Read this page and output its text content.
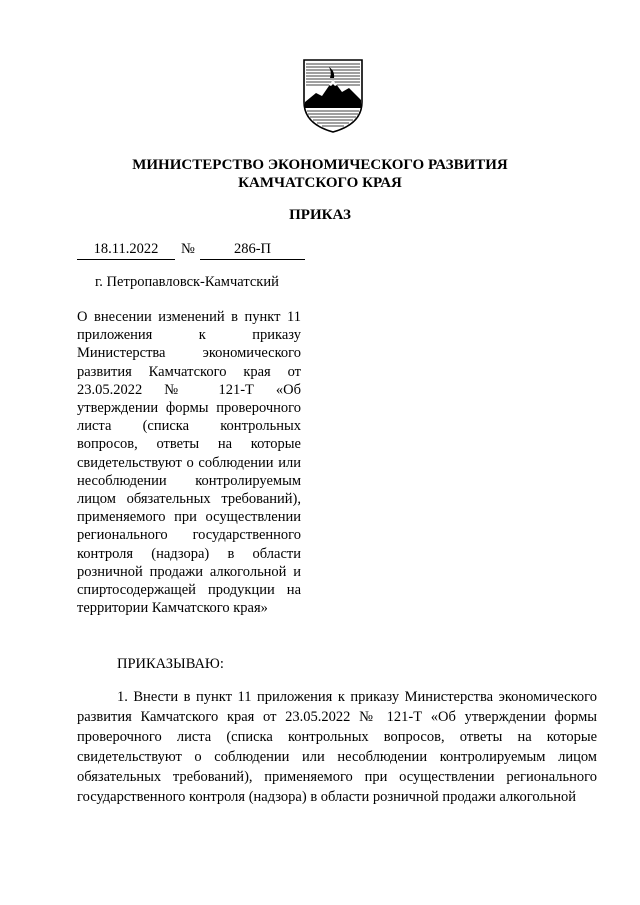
МИНИСТЕРСТВО ЭКОНОМИЧЕСКОГО РАЗВИТИЯ
КАМЧАТСКОГО КРАЯ
ПРИКАЗ
18.11.2022	№	286-П

г. Петропавловск-Камчатский

О внесении изменений в пункт 11 приложения к приказу Министерства экономического развития Камчатского края от 23.05.2022 № 121-Т «Об утверждении формы проверочного листа (списка контрольных вопросов, ответы на которые свидетельствуют о соблюдении или несоблюдении контролируемым лицом обязательных требований), применяемого при осуществлении регионального государственного контроля (надзора) в области розничной продажи алкогольной и спиртосодержащей продукции на территории Камчатского края»

ПРИКАЗЫВАЮ:

1. Внести в пункт 11 приложения к приказу Министерства экономического развития Камчатского края от 23.05.2022 № 121-Т «Об утверждении формы проверочного листа (списка контрольных вопросов, ответы на которые свидетельствуют о соблюдении или несоблюдении контролируемым лицом обязательных требований), применяемого при осуществлении регионального государственного контроля (надзора) в области розничной продажи алкогольной
